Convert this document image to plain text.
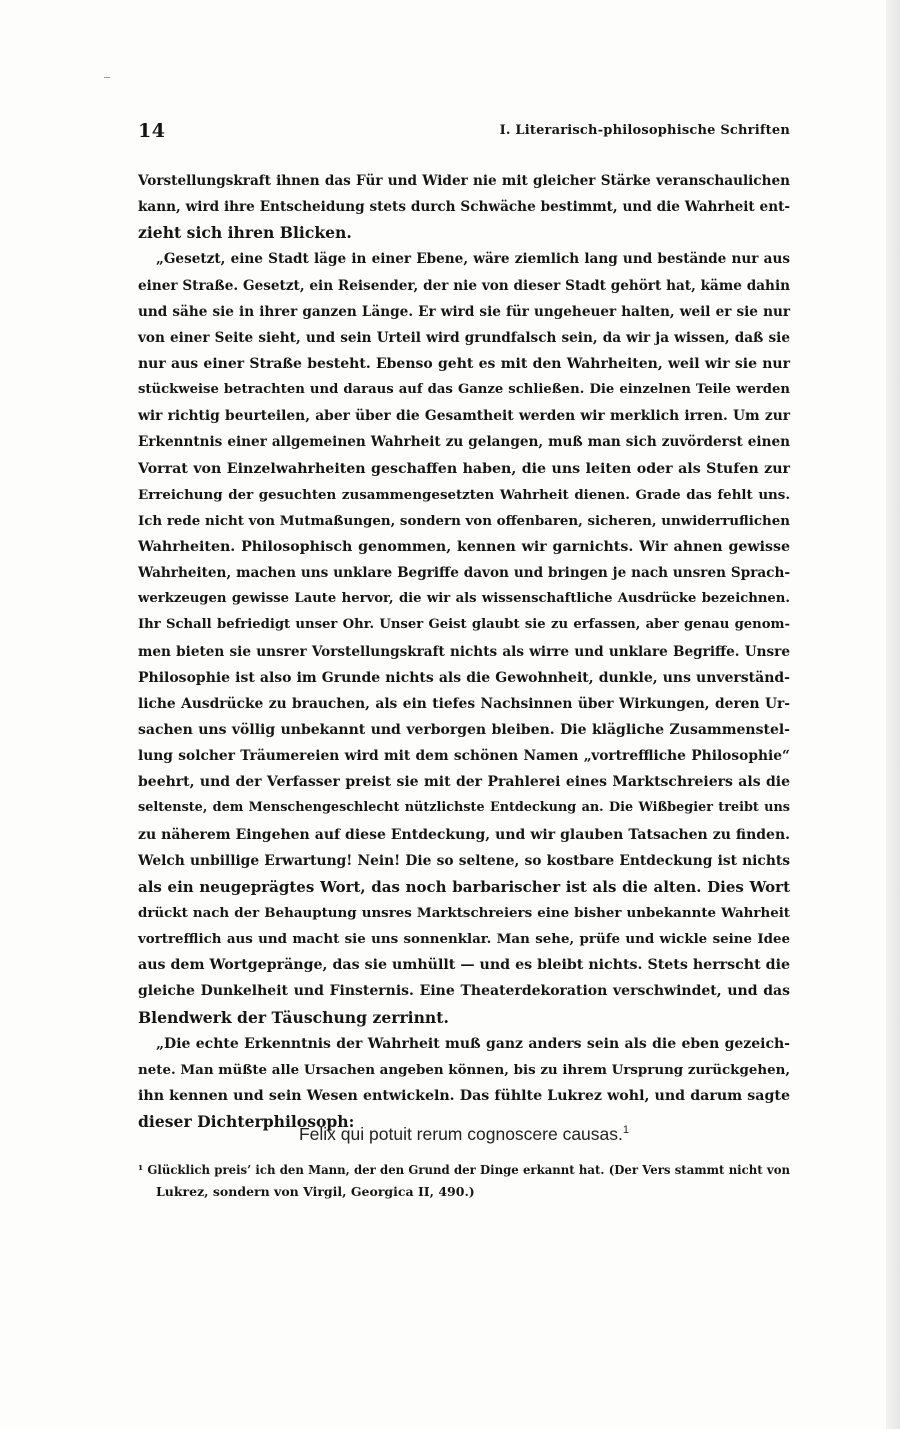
14	I. Literarisch-philosophische Schriften
Vorstellungskraft ihnen das Für und Wider nie mit gleicher Stärke veranschaulichen
kann, wird ihre Entscheidung stets durch Schwäche bestimmt, und die Wahrheit ent-
zieht sich ihren Blicken.
„Gesetzt, eine Stadt läge in einer Ebene, wäre ziemlich lang und bestände nur aus
einer Straße. Gesetzt, ein Reisender, der nie von dieser Stadt gehört hat, käme dahin
und sähe sie in ihrer ganzen Länge. Er wird sie für ungeheuer halten, weil er sie nur
von einer Seite sieht, und sein Urteil wird grundfalsch sein, da wir ja wissen, daß sie
nur aus einer Straße besteht. Ebenso geht es mit den Wahrheiten, weil wir sie nur
stückweise betrachten und daraus auf das Ganze schließen. Die einzelnen Teile werden
wir richtig beurteilen, aber über die Gesamtheit werden wir merklich irren. Um zur
Erkenntnis einer allgemeinen Wahrheit zu gelangen, muß man sich zuvörderst einen
Vorrat von Einzelwahrheiten geschaffen haben, die uns leiten oder als Stufen zur
Erreichung der gesuchten zusammengesetzten Wahrheit dienen. Grade das fehlt uns.
Ich rede nicht von Mutmaßungen, sondern von offenbaren, sicheren, unwiderruflichen
Wahrheiten. Philosophisch genommen, kennen wir garnichts. Wir ahnen gewisse
Wahrheiten, machen uns unklare Begriffe davon und bringen je nach unsren Sprach-
werkzeugen gewisse Laute hervor, die wir als wissenschaftliche Ausdrücke bezeichnen.
Ihr Schall befriedigt unser Ohr. Unser Geist glaubt sie zu erfassen, aber genau genom-
men bieten sie unsrer Vorstellungskraft nichts als wirre und unklare Begriffe. Unsre
Philosophie ist also im Grunde nichts als die Gewohnheit, dunkle, uns unverständ-
liche Ausdrücke zu brauchen, als ein tiefes Nachsinnen über Wirkungen, deren Ur-
sachen uns völlig unbekannt und verborgen bleiben. Die klägliche Zusammenstel-
lung solcher Träumereien wird mit dem schönen Namen „vortreffliche Philosophie“
beehrt, und der Verfasser preist sie mit der Prahlerei eines Marktschreiers als die
seltenste, dem Menschengeschlecht nützlichste Entdeckung an. Die Wißbegier treibt uns
zu näherem Eingehen auf diese Entdeckung, und wir glauben Tatsachen zu finden.
Welch unbillige Erwartung! Nein! Die so seltene, so kostbare Entdeckung ist nichts
als ein neugeprägtes Wort, das noch barbarischer ist als die alten. Dies Wort
drückt nach der Behauptung unsres Marktschreiers eine bisher unbekannte Wahrheit
vortrefflich aus und macht sie uns sonnenklar. Man sehe, prüfe und wickle seine Idee
aus dem Wortgepränge, das sie umhüllt — und es bleibt nichts. Stets herrscht die
gleiche Dunkelheit und Finsternis. Eine Theaterdekoration verschwindet, und das
Blendwerk der Täuschung zerrinnt.
„Die echte Erkenntnis der Wahrheit muß ganz anders sein als die eben gezeich-
nete. Man müßte alle Ursachen angeben können, bis zu ihrem Ursprung zurückgehen,
ihn kennen und sein Wesen entwickeln. Das fühlte Lukrez wohl, und darum sagte
dieser Dichterphilosoph:
Felix qui potuit rerum cognoscere causas.$^1$
¹ Glücklich preis’ ich den Mann, der den Grund der Dinge erkannt hat. (Der Vers stammt nicht von
Lukrez, sondern von Virgil, Georgica II, 490.)
